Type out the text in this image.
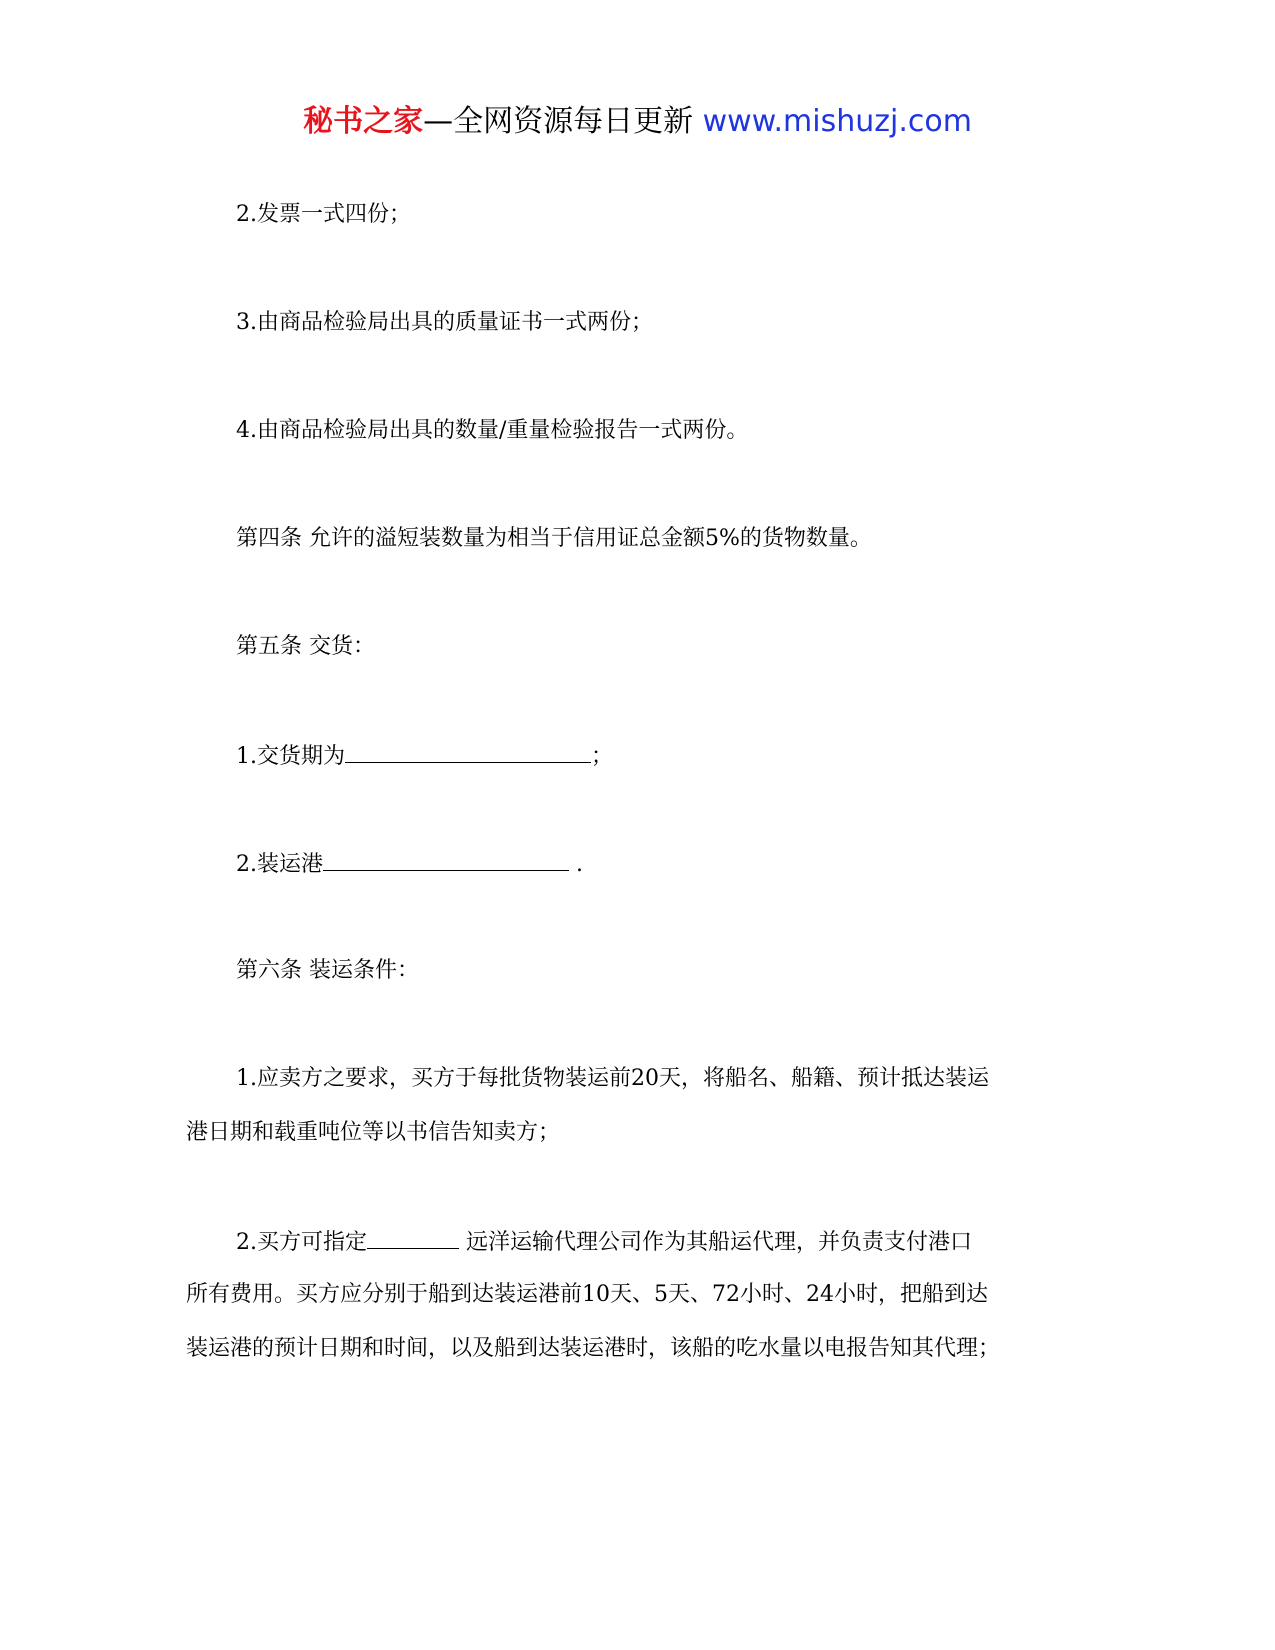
秘书之家—全网资源每日更新 www.mishuzj.com
2.发票一式四份；
3.由商品检验局出具的质量证书一式两份；
4.由商品检验局出具的数量/重量检验报告一式两份。
第四条 允许的溢短装数量为相当于信用证总金额5%的货物数量。
第五条 交货：
1.交货期为	；
2.装运港	.
第六条 装运条件：
1.应卖方之要求，买方于每批货物装运前20天，将船名、船籍、预计抵达装运
港日期和载重吨位等以书信告知卖方；
2.买方可指定	远洋运输代理公司作为其船运代理，并负责支付港口
所有费用。买方应分别于船到达装运港前10天、5天、72小时、24小时，把船到达
装运港的预计日期和时间，以及船到达装运港时，该船的吃水量以电报告知其代理；
